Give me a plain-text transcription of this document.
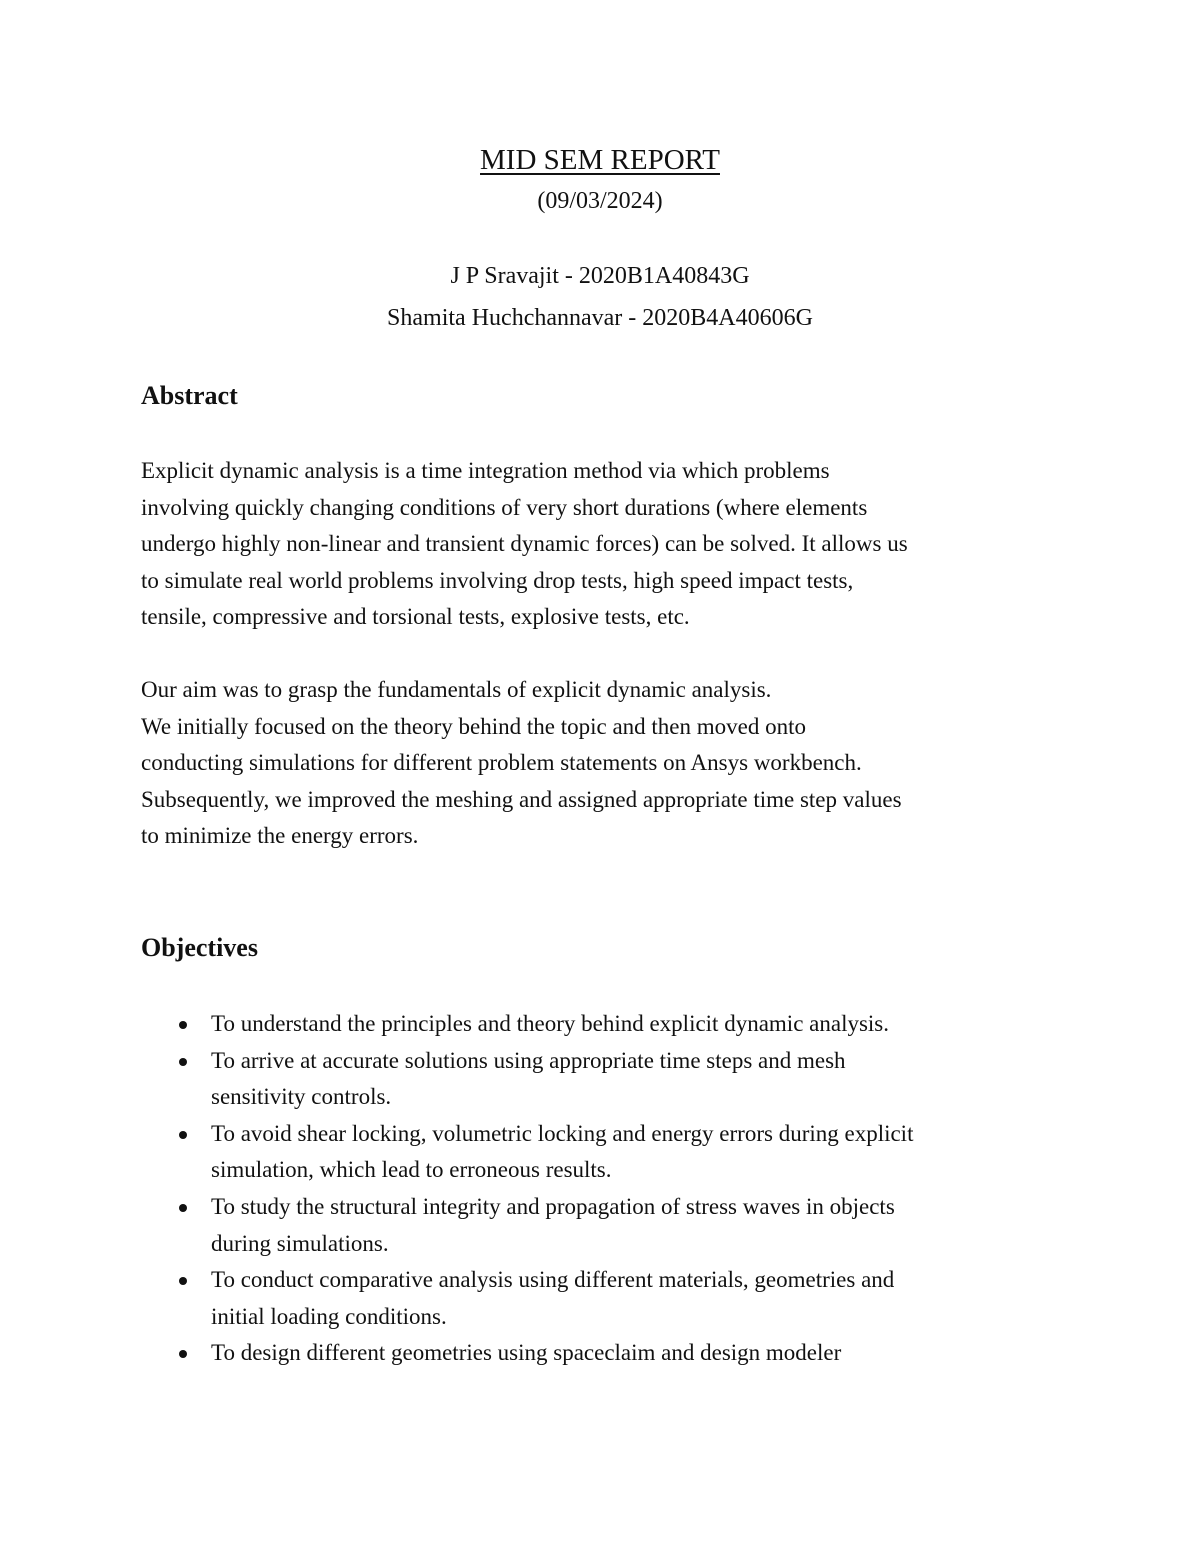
MID SEM REPORT
(09/03/2024)
J P Sravajit - 2020B1A40843G
Shamita Huchchannavar - 2020B4A40606G
Abstract
Explicit dynamic analysis is a time integration method via which problems
involving quickly changing conditions of very short durations (where elements
undergo highly non-linear and transient dynamic forces) can be solved. It allows us
to simulate real world problems involving drop tests, high speed impact tests,
tensile, compressive and torsional tests, explosive tests, etc.
Our aim was to grasp the fundamentals of explicit dynamic analysis.
We initially focused on the theory behind the topic and then moved onto
conducting simulations for different problem statements on Ansys workbench.
Subsequently, we improved the meshing and assigned appropriate time step values
to minimize the energy errors.
Objectives
To understand the principles and theory behind explicit dynamic analysis.
To arrive at accurate solutions using appropriate time steps and mesh
sensitivity controls.
To avoid shear locking, volumetric locking and energy errors during explicit
simulation, which lead to erroneous results.
To study the structural integrity and propagation of stress waves in objects
during simulations.
To conduct comparative analysis using different materials, geometries and
initial loading conditions.
To design different geometries using spaceclaim and design modeler
